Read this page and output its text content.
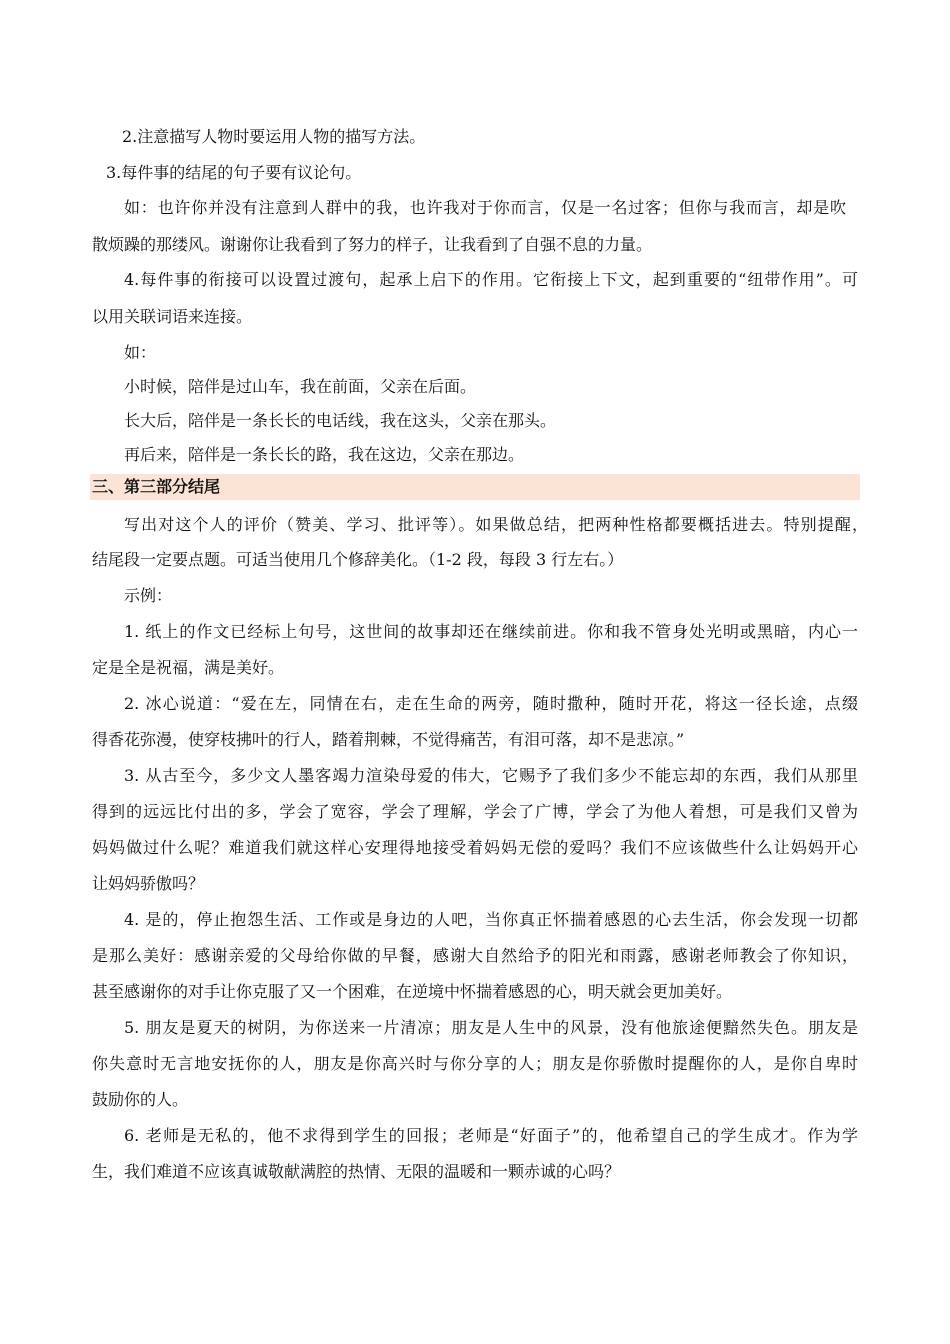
2.注意描写人物时要运用人物的描写方法。
3.每件事的结尾的句子要有议论句。
如：也许你并没有注意到人群中的我，也许我对于你而言，仅是一名过客；但你与我而言，却是吹
散烦躁的那缕风。谢谢你让我看到了努力的样子，让我看到了自强不息的力量。
4.每件事的衔接可以设置过渡句，起承上启下的作用。它衔接上下文，起到重要的“纽带作用”。可
以用关联词语来连接。
如：
小时候，陪伴是过山车，我在前面，父亲在后面。
长大后，陪伴是一条长长的电话线，我在这头，父亲在那头。
再后来，陪伴是一条长长的路，我在这边，父亲在那边。
三、第三部分结尾
写出对这个人的评价（赞美、学习、批评等）。如果做总结，把两种性格都要概括进去。特别提醒，
结尾段一定要点题。可适当使用几个修辞美化。（1-2 段，每段 3 行左右。）
示例：
1. 纸上的作文已经标上句号，这世间的故事却还在继续前进。你和我不管身处光明或黑暗，内心一
定是全是祝福，满是美好。
2. 冰心说道：“爱在左，同情在右，走在生命的两旁，随时撒种，随时开花，将这一径长途，点缀
得香花弥漫，使穿枝拂叶的行人，踏着荆棘，不觉得痛苦，有泪可落，却不是悲凉。”
3. 从古至今，多少文人墨客竭力渲染母爱的伟大，它赐予了我们多少不能忘却的东西，我们从那里
得到的远远比付出的多，学会了宽容，学会了理解，学会了广博，学会了为他人着想，可是我们又曾为
妈妈做过什么呢？难道我们就这样心安理得地接受着妈妈无偿的爱吗？我们不应该做些什么让妈妈开心
让妈妈骄傲吗？
4. 是的，停止抱怨生活、工作或是身边的人吧，当你真正怀揣着感恩的心去生活，你会发现一切都
是那么美好：感谢亲爱的父母给你做的早餐，感谢大自然给予的阳光和雨露，感谢老师教会了你知识，
甚至感谢你的对手让你克服了又一个困难，在逆境中怀揣着感恩的心，明天就会更加美好。
5. 朋友是夏天的树阴，为你送来一片清凉；朋友是人生中的风景，没有他旅途便黯然失色。朋友是
你失意时无言地安抚你的人，朋友是你高兴时与你分享的人；朋友是你骄傲时提醒你的人，是你自卑时
鼓励你的人。
6. 老师是无私的，他不求得到学生的回报；老师是“好面子”的，他希望自己的学生成才。作为学
生，我们难道不应该真诚敬献满腔的热情、无限的温暖和一颗赤诚的心吗？
